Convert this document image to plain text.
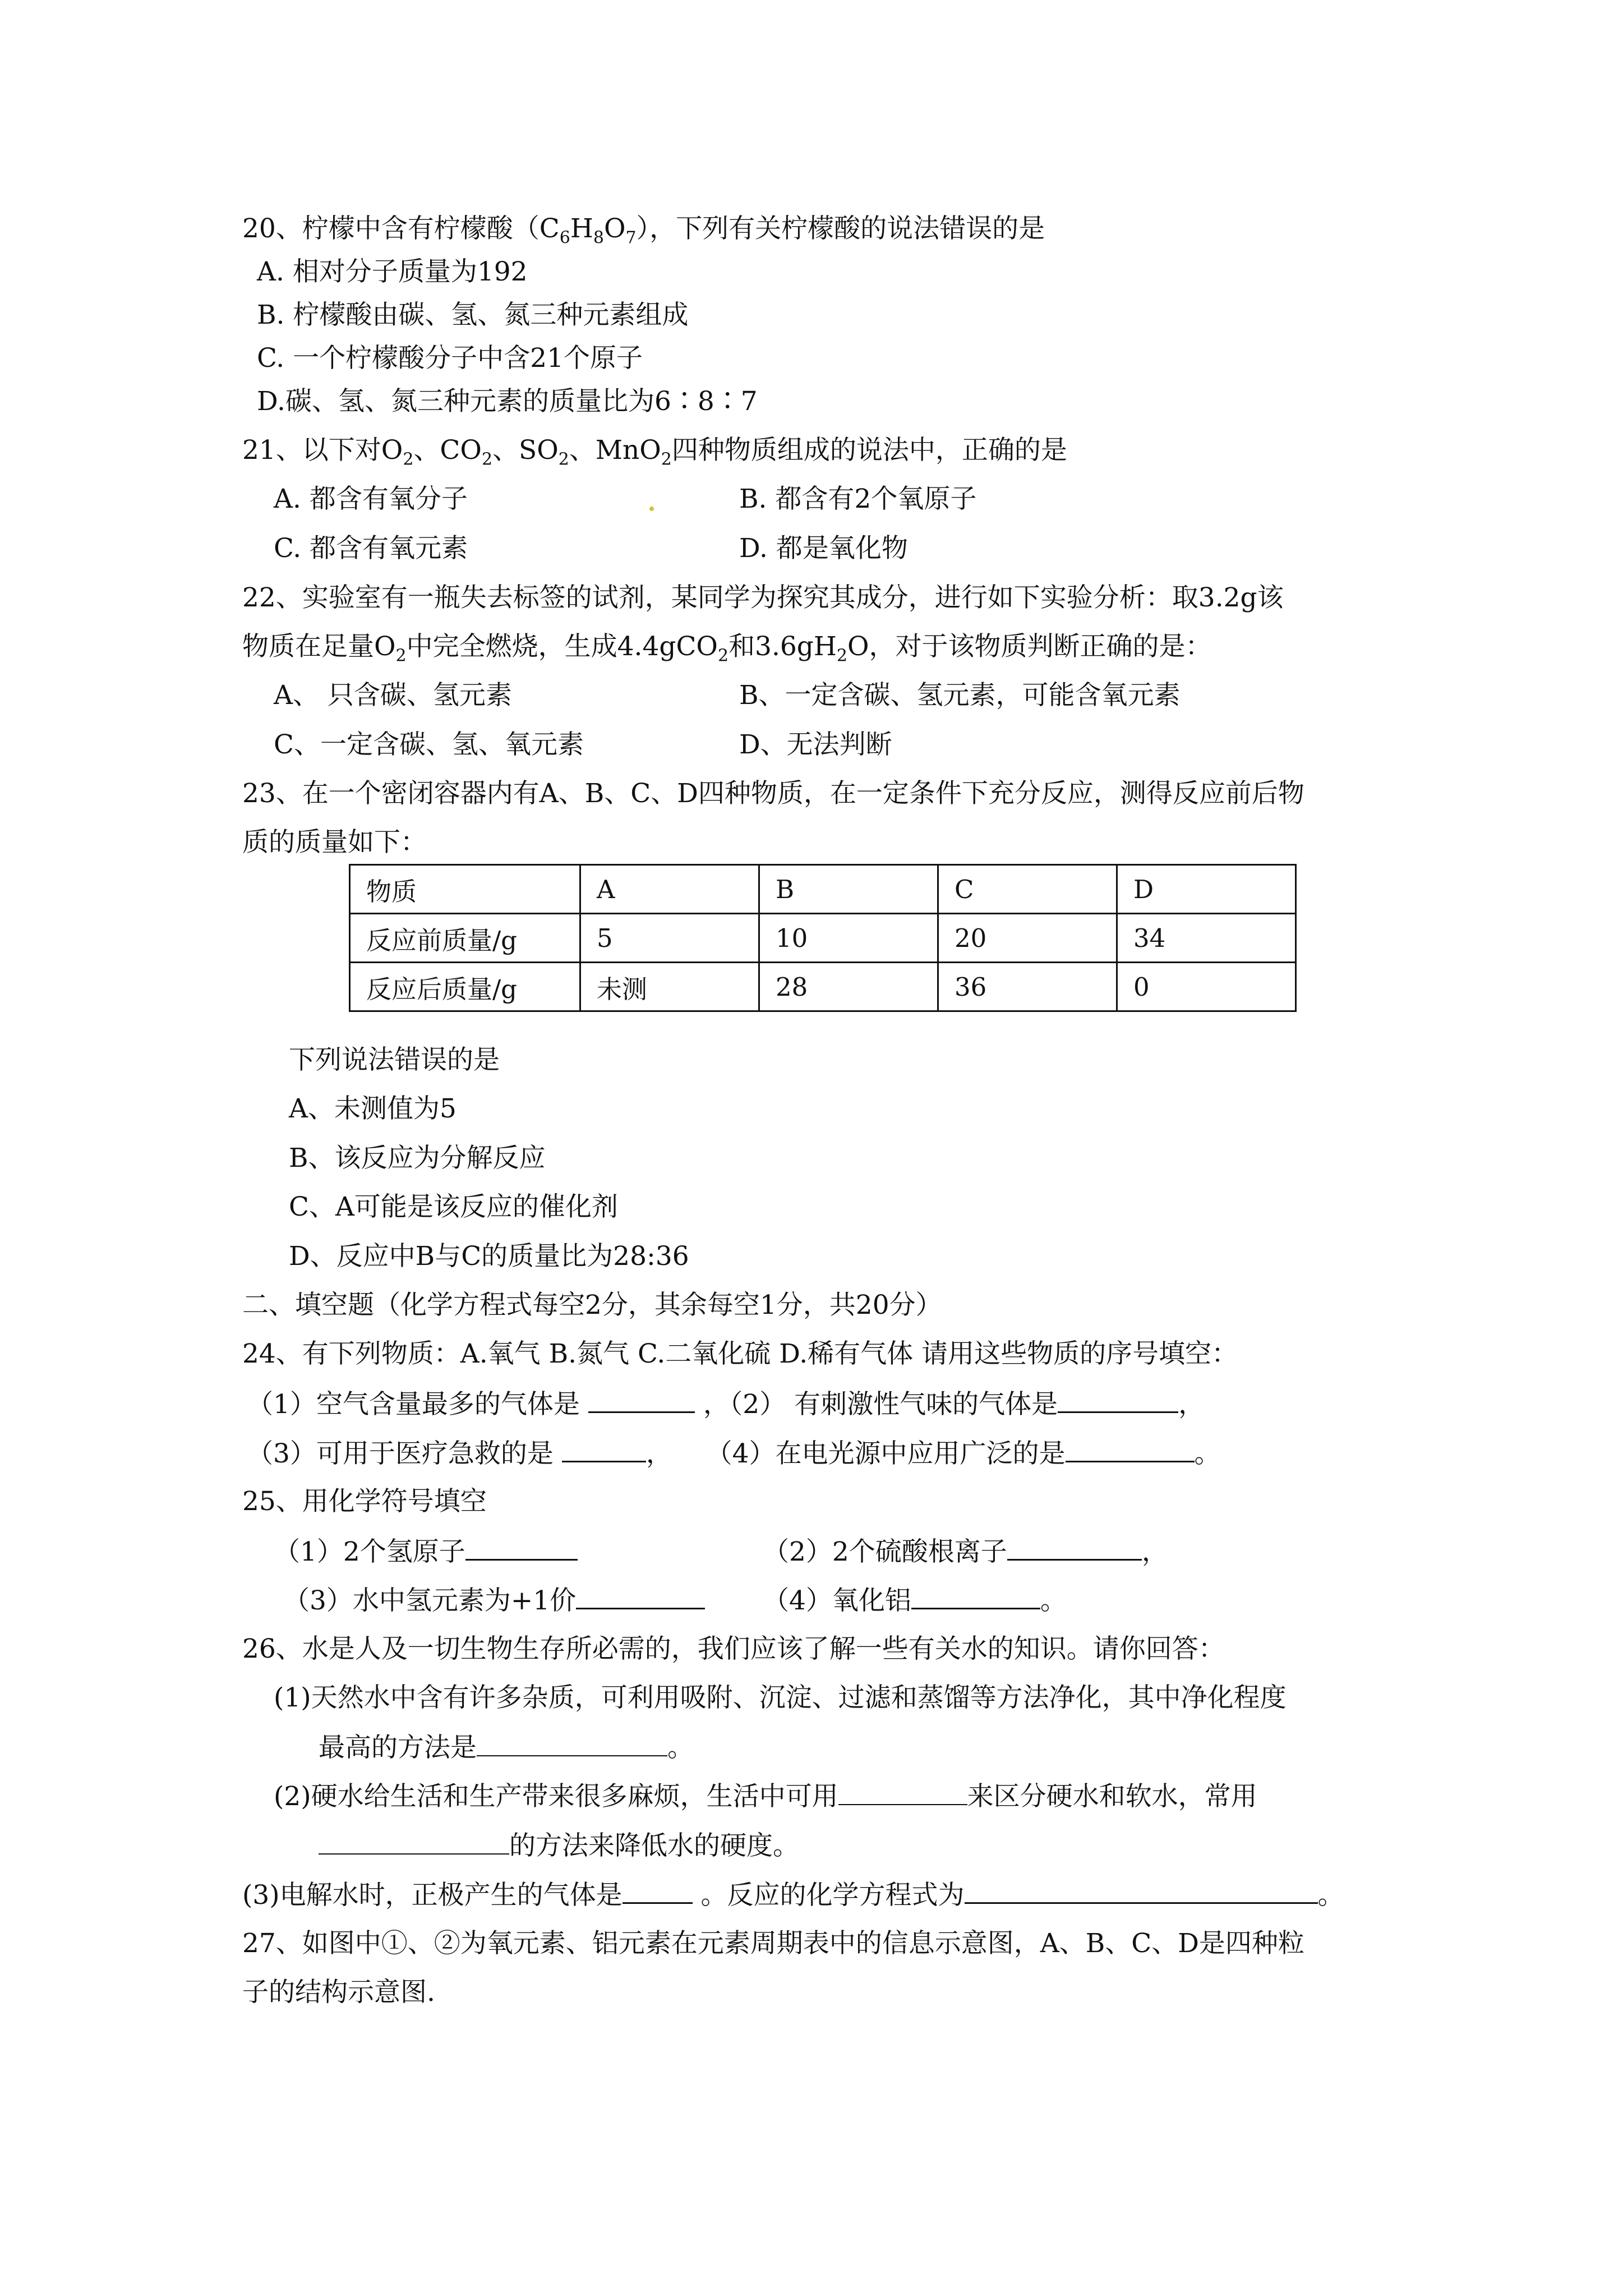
20、柠檬中含有柠檬酸$(C_6H_8O_7)$，下列有关柠檬酸的说法错误的是
A. 相对分子质量为192
B. 柠檬酸由碳、氢、氮三种元素组成
C. 一个柠檬酸分子中含21个原子
D.碳、氢、氮三种元素的质量比为6∶8∶7
21、以下对$O_2$、$CO_2$、$SO_2$、MnO$_2$四种物质组成的说法中，正确的是
A. 都含有氧分子	B. 都含有2个氧原子
C. 都含有氧元素	D. 都是氧化物
22、实验室有一瓶失去标签的试剂，某同学为探究其成分，进行如下实验分析：取3.2g该
物质在足量$O_2$中完全燃烧，生成4.4gCO$_2$和$3.6gH_2O$，对于该物质判断正确的是：
A、 只含碳、氢元素	B、一定含碳、氢元素，可能含氧元素
C、一定含碳、氢、氧元素	D、无法判断
23、在一个密闭容器内有A、B、C、D四种物质，在一定条件下充分反应，测得反应前后物
质的质量如下：
物质	A	B	C	D
反应前质量/g	5	10	20	34
反应后质量/g	未测	28	36	0
下列说法错误的是
A、未测值为5
B、该反应为分解反应
C、A可能是该反应的催化剂
D、反应中B与C的质量比为28:36
二、填空题（化学方程式每空2分，其余每空1分，共20分）
24、有下列物质：A.氧气 B.氮气 C.二氧化硫 D.稀有气体 请用这些物质的序号填空：
（1）空气含量最多的气体是	，（2） 有刺激性气味的气体是	，
（3）可用于医疗急救的是	， （4）在电光源中应用广泛的是	。
25、用化学符号填空
（1）2个氢原子	（2）2个硫酸根离子	，
（3）水中氢元素为+1价	（4）氧化铝	。
26、水是人及一切生物生存所必需的，我们应该了解一些有关水的知识。请你回答：
(1)天然水中含有许多杂质，可利用吸附、沉淀、过滤和蒸馏等方法净化，其中净化程度
最高的方法是	。
(2)硬水给生活和生产带来很多麻烦，生活中可用	来区分硬水和软水，常用
的方法来降低水的硬度。
(3)电解水时，正极产生的气体是	。反应的化学方程式为	。
27、如图中①、②为氧元素、铝元素在元素周期表中的信息示意图，A、B、C、D是四种粒
子的结构示意图.
